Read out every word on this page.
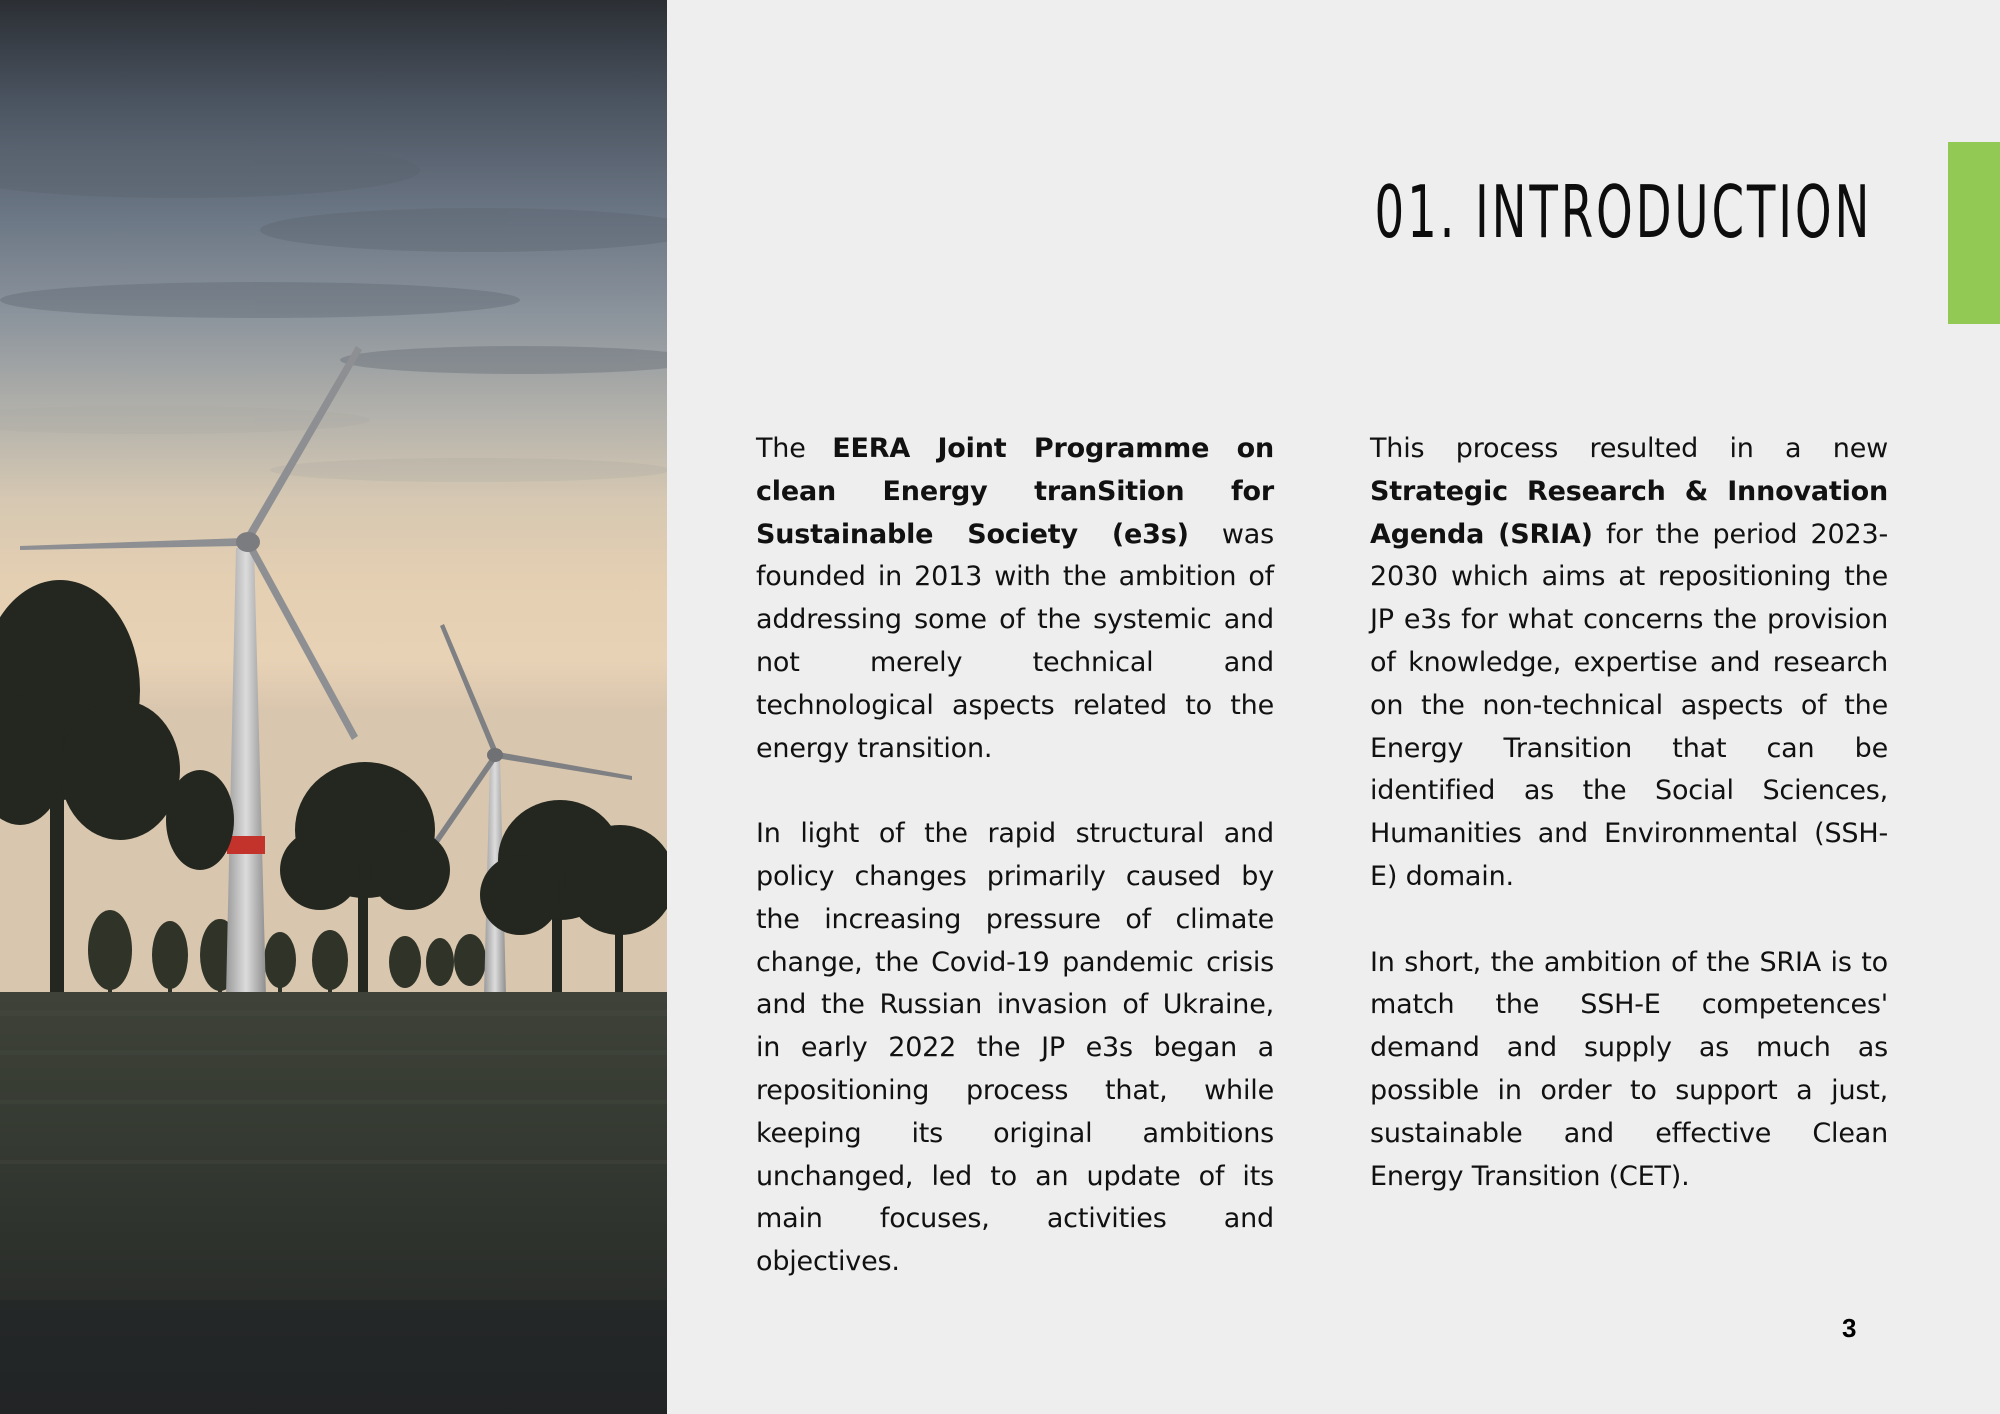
01. INTRODUCTION

The EERA Joint Programme on clean Energy tranSition for Sustainable Society (e3s) was founded in 2013 with the ambition of addressing some of the systemic and not merely technical and technological aspects related to the energy transition.

In light of the rapid structural and policy changes primarily caused by the increasing pressure of climate change, the Covid-19 pandemic crisis and the Russian invasion of Ukraine, in early 2022 the JP e3s began a repositioning process that, while keeping its original ambitions unchanged, led to an update of its main focuses, activities and objectives.

This process resulted in a new Strategic Research & Innovation Agenda (SRIA) for the period 2023-2030 which aims at repositioning the JP e3s for what concerns the provision of knowledge, expertise and research on the non-technical aspects of the Energy Transition that can be identified as the Social Sciences, Humanities and Environmental (SSH-E) domain.

In short, the ambition of the SRIA is to match the SSH-E competences' demand and supply as much as possible in order to support a just, sustainable and effective Clean Energy Transition (CET).

3
